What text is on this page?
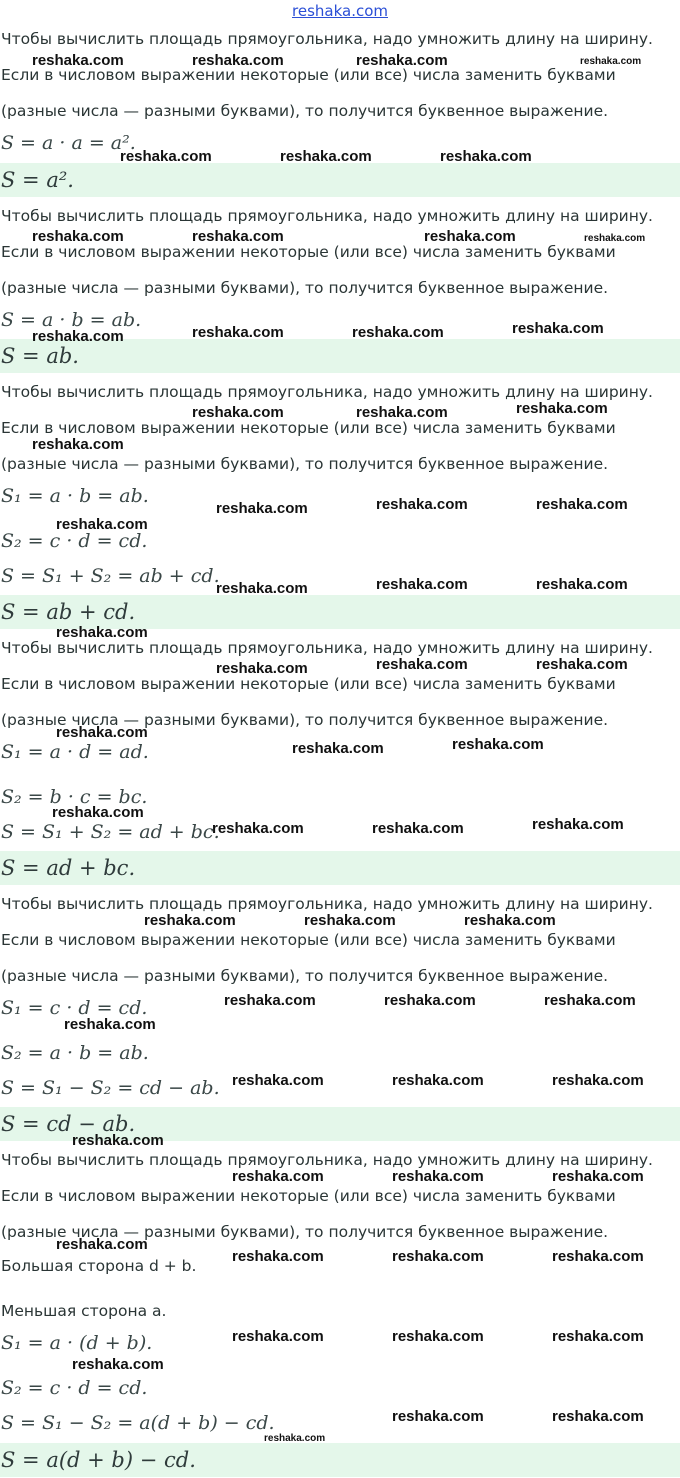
reshaka.com
Чтобы вычислить площадь прямоугольника, надо умножить длину на ширину.
Если в числовом выражении некоторые (или все) числа заменить буквами
(разные числа — разными буквами), то получится буквенное выражение.
S = a · a = a².
S = a².
Чтобы вычислить площадь прямоугольника, надо умножить длину на ширину.
Если в числовом выражении некоторые (или все) числа заменить буквами
(разные числа — разными буквами), то получится буквенное выражение.
S = a · b = ab.
S = ab.
Чтобы вычислить площадь прямоугольника, надо умножить длину на ширину.
Если в числовом выражении некоторые (или все) числа заменить буквами
(разные числа — разными буквами), то получится буквенное выражение.
S₁ = a · b = ab.
S₂ = c · d = cd.
S = S₁ + S₂ = ab + cd.
S = ab + cd.
Чтобы вычислить площадь прямоугольника, надо умножить длину на ширину.
Если в числовом выражении некоторые (или все) числа заменить буквами
(разные числа — разными буквами), то получится буквенное выражение.
S₁ = a · d = ad.
S₂ = b · c = bc.
S = S₁ + S₂ = ad + bc.
S = ad + bc.
Чтобы вычислить площадь прямоугольника, надо умножить длину на ширину.
Если в числовом выражении некоторые (или все) числа заменить буквами
(разные числа — разными буквами), то получится буквенное выражение.
S₁ = c · d = cd.
S₂ = a · b = ab.
S = S₁ − S₂ = cd − ab.
S = cd − ab.
Чтобы вычислить площадь прямоугольника, надо умножить длину на ширину.
Если в числовом выражении некоторые (или все) числа заменить буквами
(разные числа — разными буквами), то получится буквенное выражение.
Большая сторона d + b.
Меньшая сторона a.
S₁ = a · (d + b).
S₂ = c · d = cd.
S = S₁ − S₂ = a(d + b) − cd.
S = a(d + b) − cd.
reshaka.com	reshaka.com	reshaka.com	reshaka.com
reshaka.com	reshaka.com	reshaka.com
reshaka.com	reshaka.com	reshaka.com	reshaka.com
reshaka.com	reshaka.com	reshaka.com	reshaka.com
reshaka.com	reshaka.com	reshaka.com
reshaka.com
reshaka.com	reshaka.com	reshaka.com
reshaka.com
reshaka.com	reshaka.com	reshaka.com
reshaka.com
reshaka.com	reshaka.com	reshaka.com
reshaka.com
reshaka.com	reshaka.com
reshaka.com
reshaka.com	reshaka.com	reshaka.com
reshaka.com	reshaka.com	reshaka.com
reshaka.com	reshaka.com	reshaka.com
reshaka.com
reshaka.com	reshaka.com	reshaka.com
reshaka.com
reshaka.com	reshaka.com	reshaka.com
reshaka.com
reshaka.com	reshaka.com	reshaka.com
reshaka.com	reshaka.com	reshaka.com
reshaka.com
reshaka.com	reshaka.com
reshaka.com
